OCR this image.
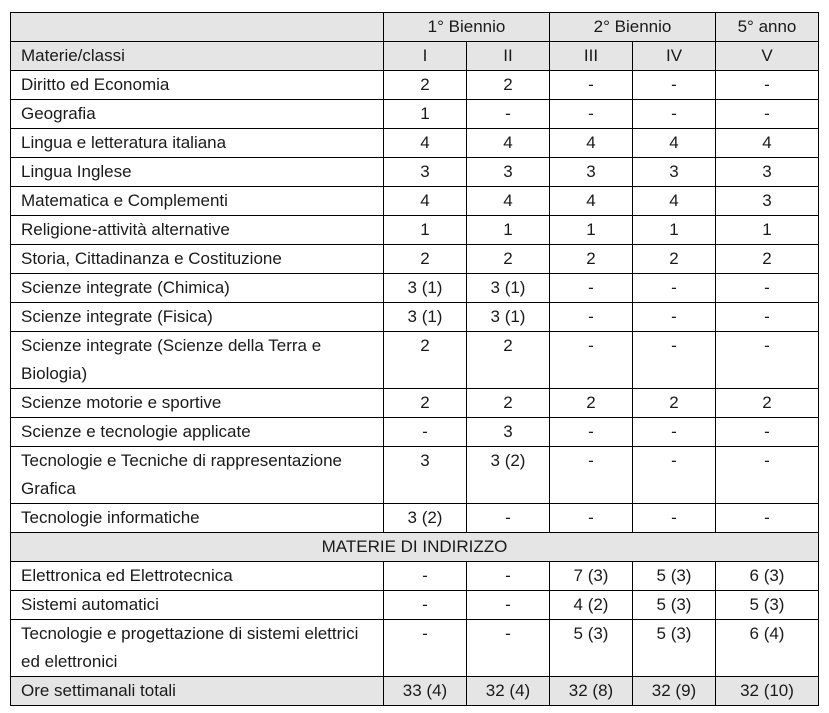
	1° Biennio		2° Biennio		5° anno
Materie/classi	I	II	III	IV	V
Diritto ed Economia	2	2	-	-	-
Geografia	1	-	-	-	-
Lingua e letteratura italiana	4	4	4	4	4
Lingua Inglese	3	3	3	3	3
Matematica e Complementi	4	4	4	4	3
Religione-attività alternative	1	1	1	1	1
Storia, Cittadinanza e Costituzione	2	2	2	2	2
Scienze integrate (Chimica)	3 (1)	3 (1)	-	-	-
Scienze integrate (Fisica)	3 (1)	3 (1)	-	-	-
Scienze integrate (Scienze della Terra e Biologia)	2	2	-	-	-
Scienze motorie e sportive	2	2	2	2	2
Scienze e tecnologie applicate	-	3	-	-	-
Tecnologie e Tecniche di rappresentazione Grafica	3	3 (2)	-	-	-
Tecnologie informatiche	3 (2)	-	-	-	-
MATERIE DI INDIRIZZO					
Elettronica ed Elettrotecnica	-	-	7 (3)	5 (3)	6 (3)
Sistemi automatici	-	-	4 (2)	5 (3)	5 (3)
Tecnologie e progettazione di sistemi elettrici ed elettronici	-	-	5 (3)	5 (3)	6 (4)
Ore settimanali totali	33 (4)	32 (4)	32 (8)	32 (9)	32 (10)
